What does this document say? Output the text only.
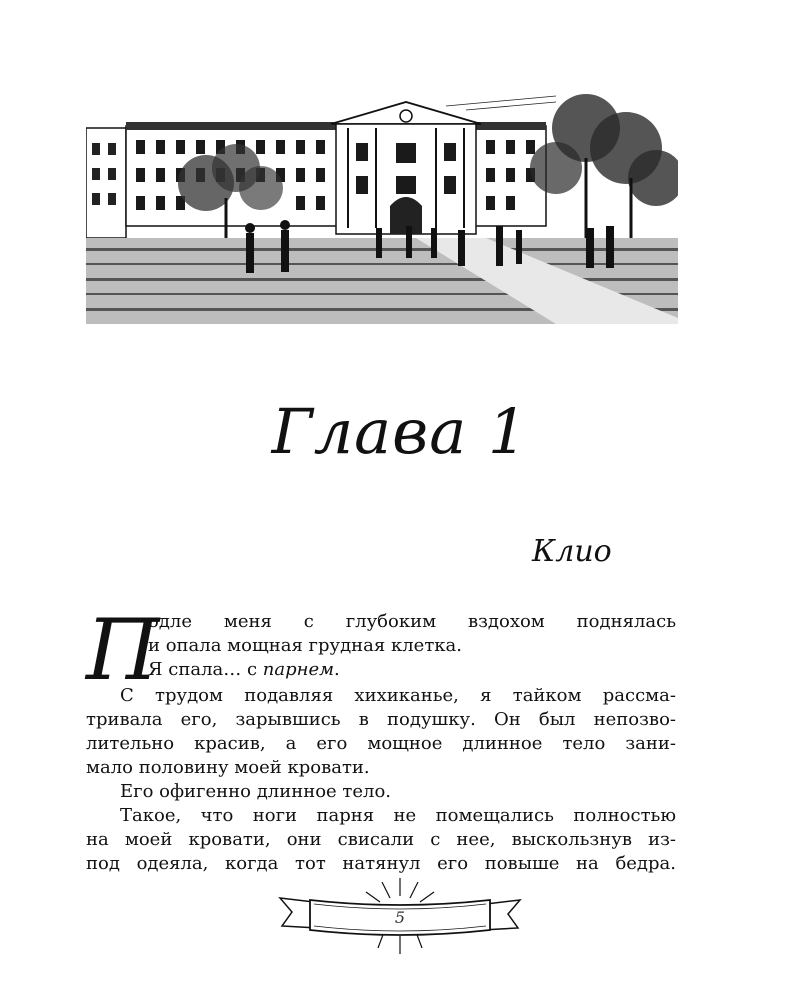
Глава 1
Клио
П
одле меня с глубоким вздохом поднялась
и опала мощная грудная клетка.
Я спала… с парнем.
С трудом подавляя хихиканье, я тайком рассма-
тривала его, зарывшись в подушку. Он был непозво-
лительно красив, а его мощное длинное тело зани-
мало половину моей кровати.
Его офигенно длинное тело.
Такое, что ноги парня не помещались полностью
на моей кровати, они свисали с нее, выскользнув из-
под одеяла, когда тот натянул его повыше на бедра.
5
